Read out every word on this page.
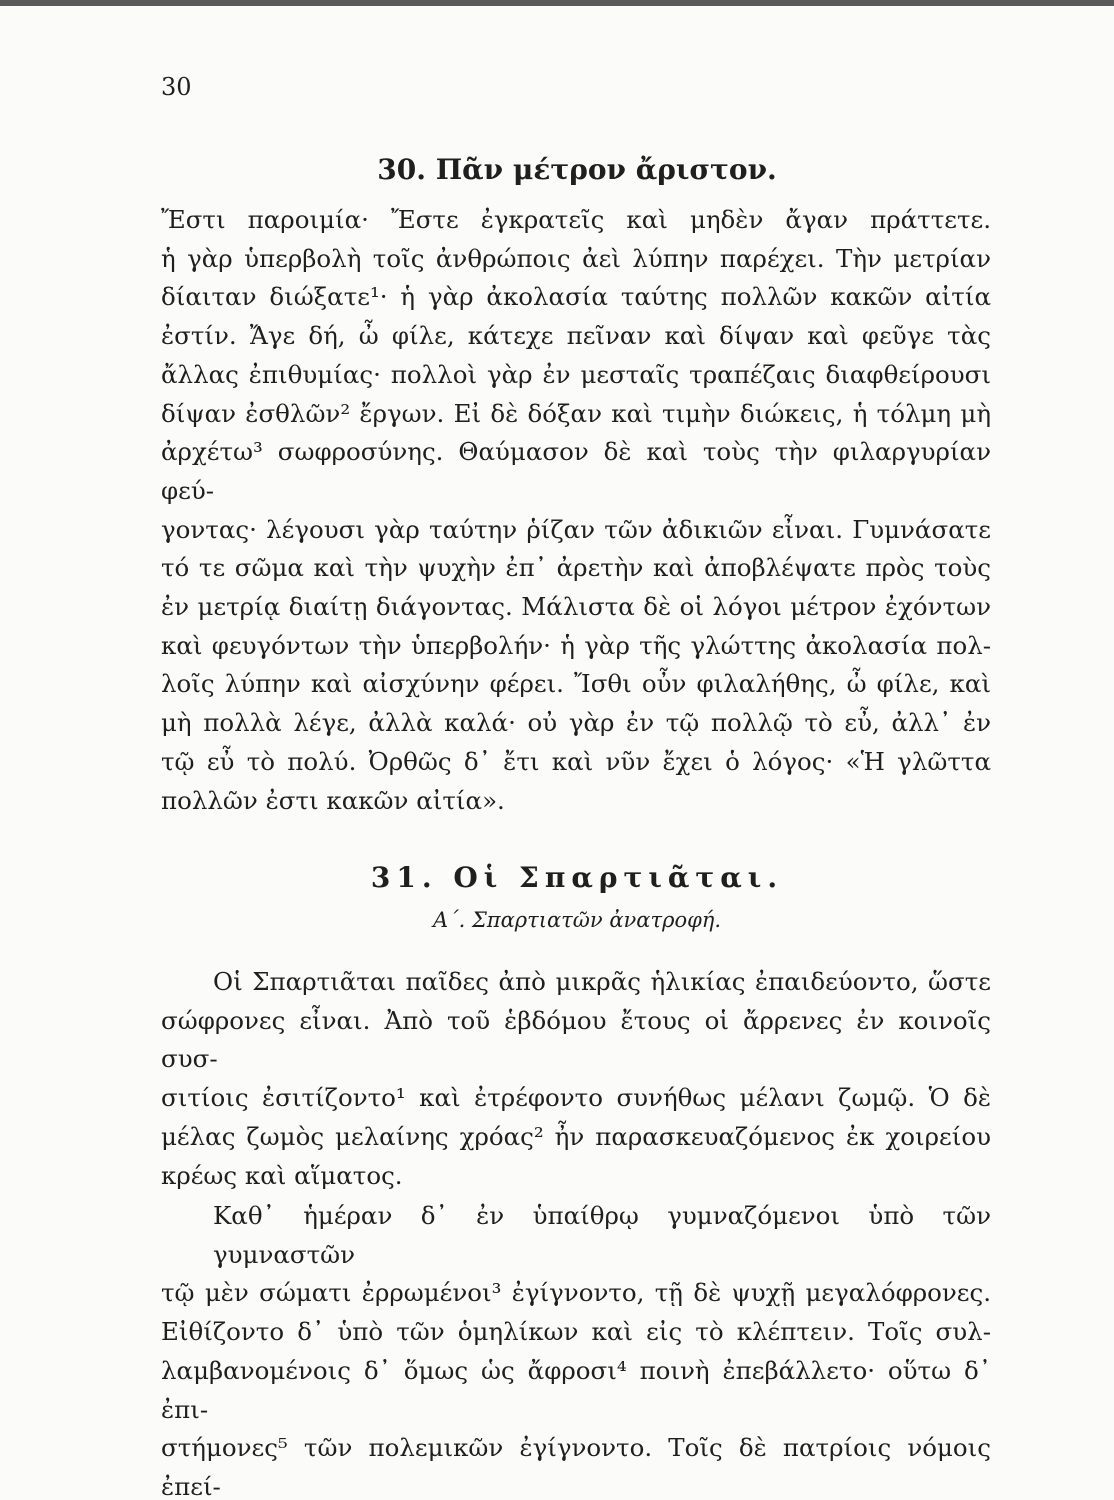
30
30. Πᾶν μέτρον ἄριστον.
Ἔστι παροιμία· Ἔστε ἐγκρατεῖς καὶ μηδὲν ἄγαν πράττετε.
ἡ γὰρ ὑπερβολὴ τοῖς ἀνθρώποις ἀεὶ λύπην παρέχει. Τὴν μετρίαν
δίαιταν διώξατε¹· ἡ γὰρ ἀκολασία ταύτης πολλῶν κακῶν αἰτία
ἐστίν. Ἄγε δή, ὦ φίλε, κάτεχε πεῖναν καὶ δίψαν καὶ φεῦγε τὰς
ἄλλας ἐπιθυμίας· πολλοὶ γὰρ ἐν μεσταῖς τραπέζαις διαφθείρουσι
δίψαν ἐσθλῶν² ἔργων. Εἰ δὲ δόξαν καὶ τιμὴν διώκεις, ἡ τόλμη μὴ
ἀρχέτω³ σωφροσύνης. Θαύμασον δὲ καὶ τοὺς τὴν φιλαργυρίαν φεύ-
γοντας· λέγουσι γὰρ ταύτην ῥίζαν τῶν ἀδικιῶν εἶναι. Γυμνάσατε
τό τε σῶμα καὶ τὴν ψυχὴν ἐπ᾽ ἀρετὴν καὶ ἀποβλέψατε πρὸς τοὺς
ἐν μετρίᾳ διαίτῃ διάγοντας. Μάλιστα δὲ οἱ λόγοι μέτρον ἐχόντων
καὶ φευγόντων τὴν ὑπερβολήν· ἡ γὰρ τῆς γλώττης ἀκολασία πολ-
λοῖς λύπην καὶ αἰσχύνην φέρει. Ἴσθι οὖν φιλαλήθης, ὦ φίλε, καὶ
μὴ πολλὰ λέγε, ἀλλὰ καλά· οὐ γὰρ ἐν τῷ πολλῷ τὸ εὖ, ἀλλ᾽ ἐν
τῷ εὖ τὸ πολύ. Ὀρθῶς δ᾽ ἔτι καὶ νῦν ἔχει ὁ λόγος· «Ἡ γλῶττα
πολλῶν ἐστι κακῶν αἰτία».
31. Οἱ Σπαρτιᾶται.
Α΄. Σπαρτιατῶν ἀνατροφή.
Οἱ Σπαρτιᾶται παῖδες ἀπὸ μικρᾶς ἡλικίας ἐπαιδεύοντο, ὥστε
σώφρονες εἶναι. Ἀπὸ τοῦ ἑβδόμου ἔτους οἱ ἄρρενες ἐν κοινοῖς συσ-
σιτίοις ἐσιτίζοντο¹ καὶ ἐτρέφοντο συνήθως μέλανι ζωμῷ. Ὁ δὲ
μέλας ζωμὸς μελαίνης χρόας² ἦν παρασκευαζόμενος ἐκ χοιρείου
κρέως καὶ αἵματος.
Καθ᾽ ἡμέραν δ᾽ ἐν ὑπαίθρῳ γυμναζόμενοι ὑπὸ τῶν γυμναστῶν
τῷ μὲν σώματι ἐρρωμένοι³ ἐγίγνοντο, τῇ δὲ ψυχῇ μεγαλόφρονες.
Εἰθίζοντο δ᾽ ὑπὸ τῶν ὁμηλίκων καὶ εἰς τὸ κλέπτειν. Τοῖς συλ-
λαμβανομένοις δ᾽ ὅμως ὡς ἄφροσι⁴ ποινὴ ἐπεβάλλετο· οὕτω δ᾽ ἐπι-
στήμονες⁵ τῶν πολεμικῶν ἐγίγνοντο. Τοῖς δὲ πατρίοις νόμοις ἐπεί-
